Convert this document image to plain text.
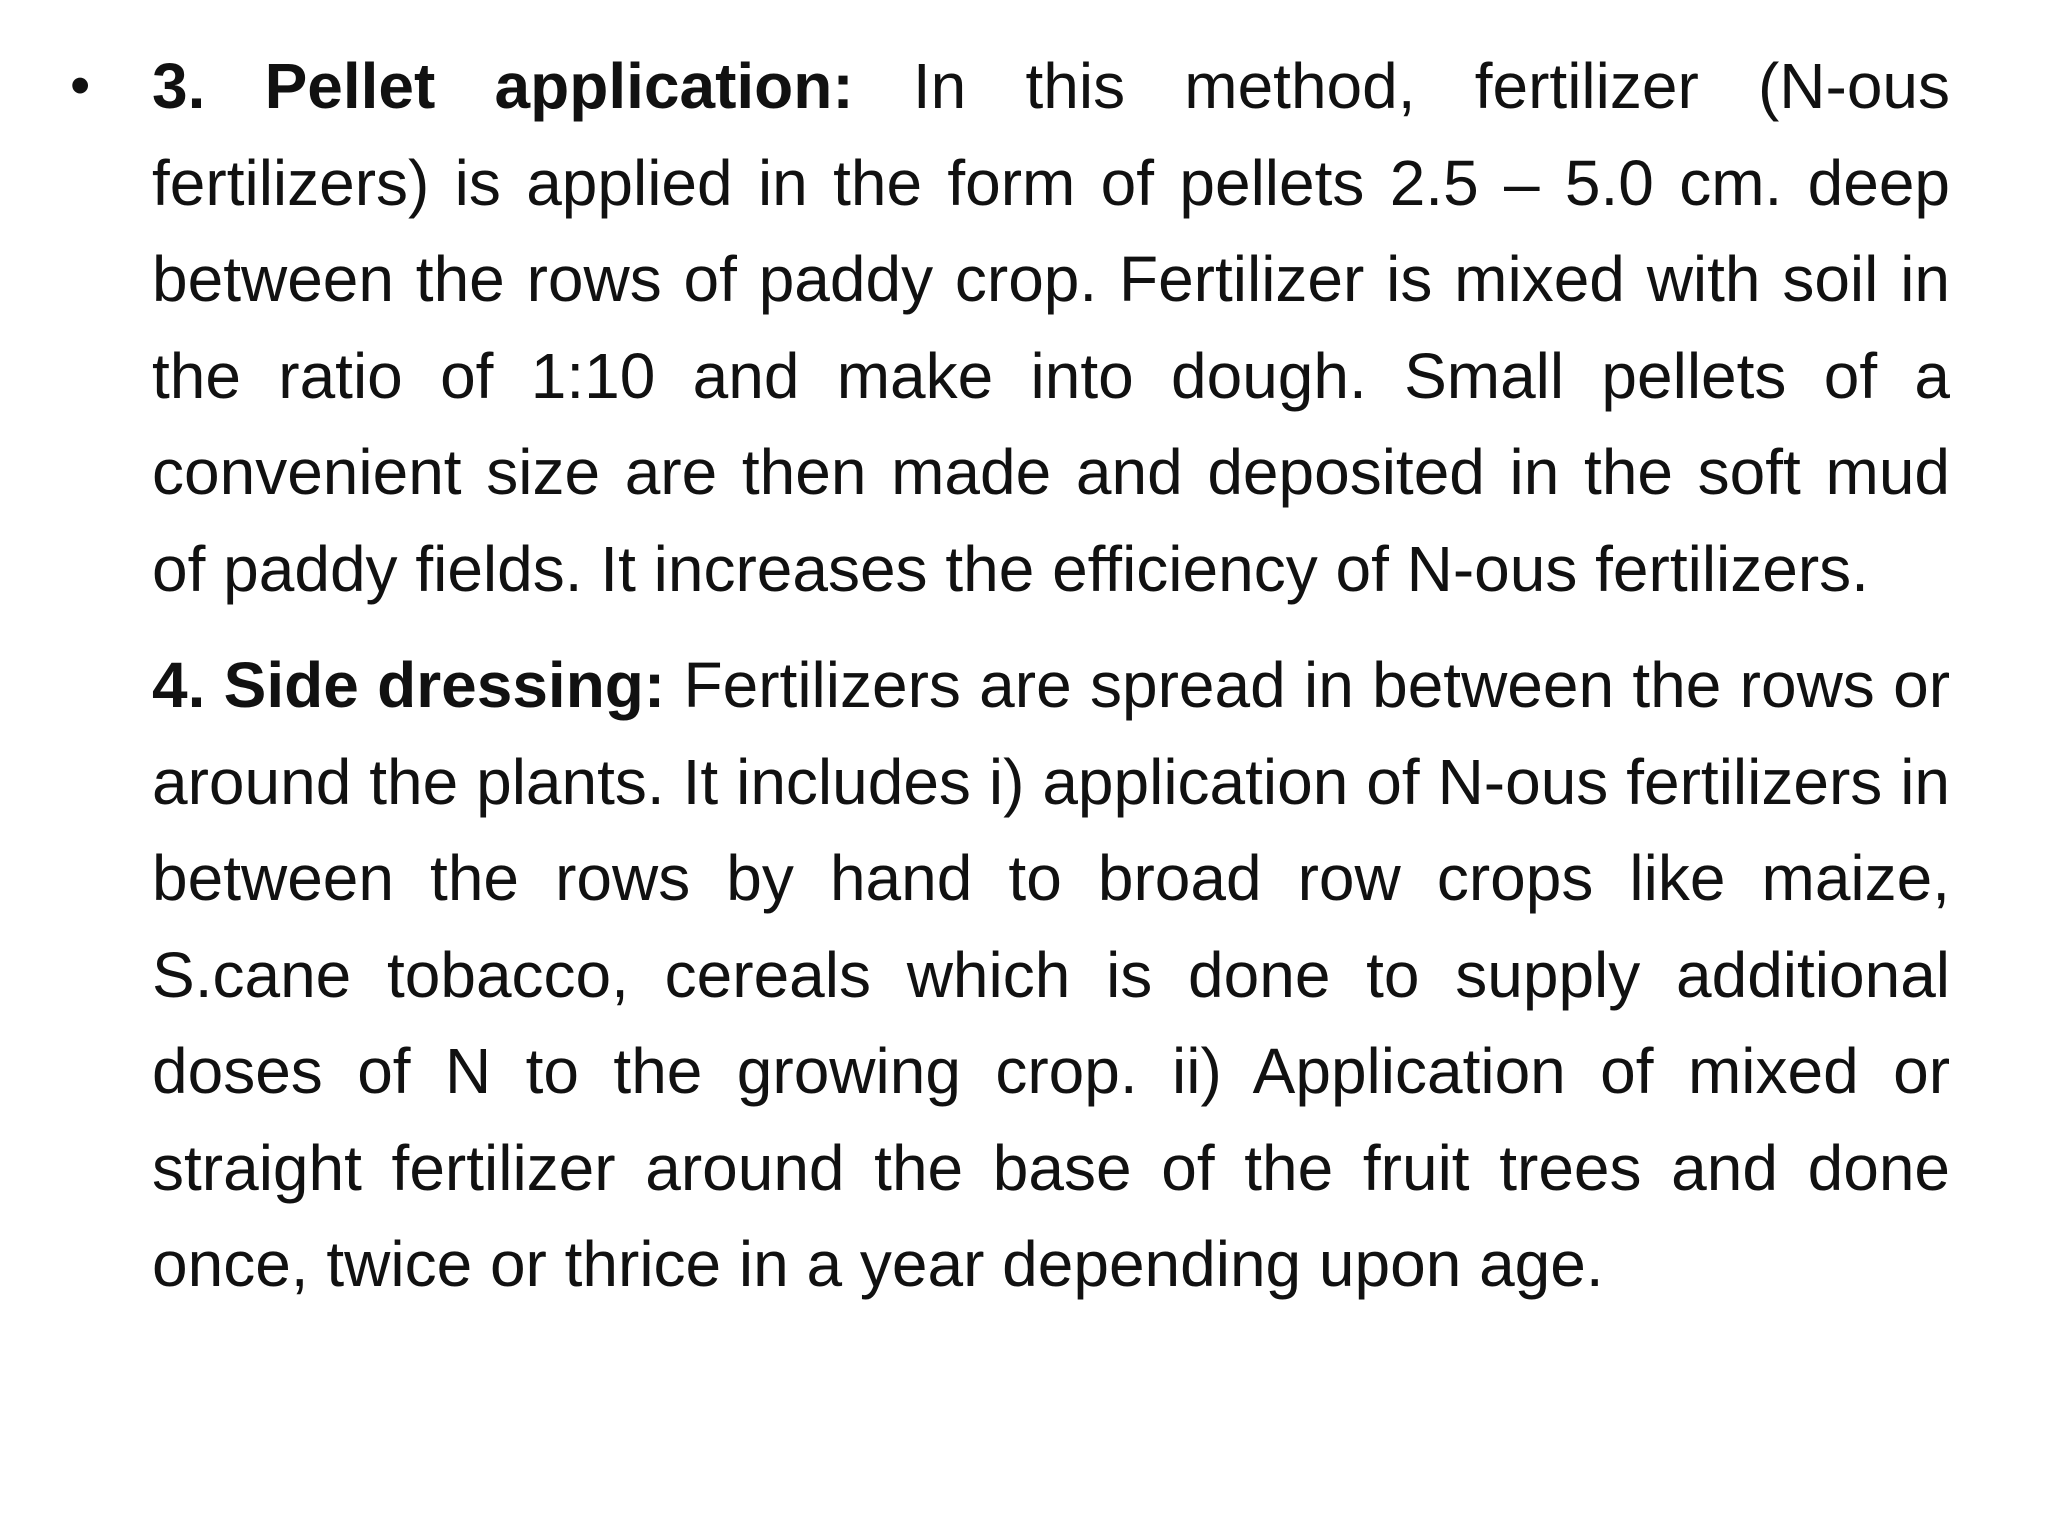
• 3. Pellet application: In this method, fertilizer (N-ous fertilizers) is applied in the form of pellets 2.5 – 5.0 cm. deep between the rows of paddy crop. Fertilizer is mixed with soil in the ratio of 1:10 and make into dough. Small pellets of a convenient size are then made and deposited in the soft mud of paddy fields. It increases the efficiency of N-ous fertilizers.

4. Side dressing: Fertilizers are spread in between the rows or around the plants. It includes i) application of N-ous fertilizers in between the rows by hand to broad row crops like maize, S.cane tobacco, cereals which is done to supply additional doses of N to the growing crop. ii) Application of mixed or straight fertilizer around the base of the fruit trees and done once, twice or thrice in a year depending upon age.
